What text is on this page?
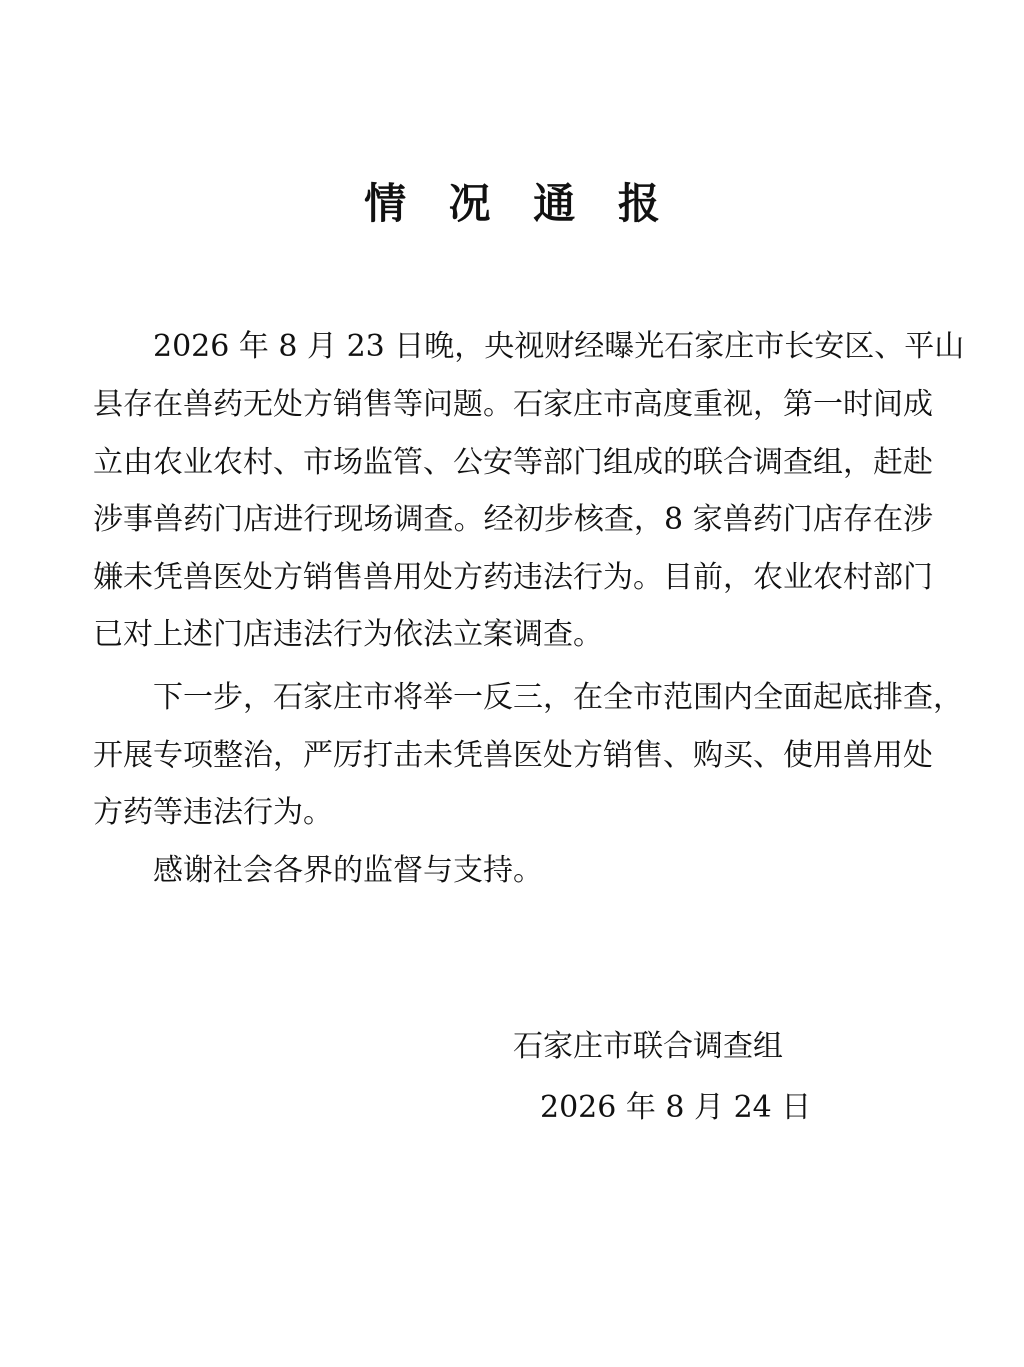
情 况 通 报

2026 年 8 月 23 日晚，央视财经曝光石家庄市长安区、平山

县存在兽药无处方销售等问题。石家庄市高度重视，第一时间成

立由农业农村、市场监管、公安等部门组成的联合调查组，赶赴

涉事兽药门店进行现场调查。经初步核查，8 家兽药门店存在涉

嫌未凭兽医处方销售兽用处方药违法行为。目前，农业农村部门

已对上述门店违法行为依法立案调查。

下一步，石家庄市将举一反三，在全市范围内全面起底排查，

开展专项整治，严厉打击未凭兽医处方销售、购买、使用兽用处

方药等违法行为。

感谢社会各界的监督与支持。

石家庄市联合调查组

2026 年 8 月 24 日
